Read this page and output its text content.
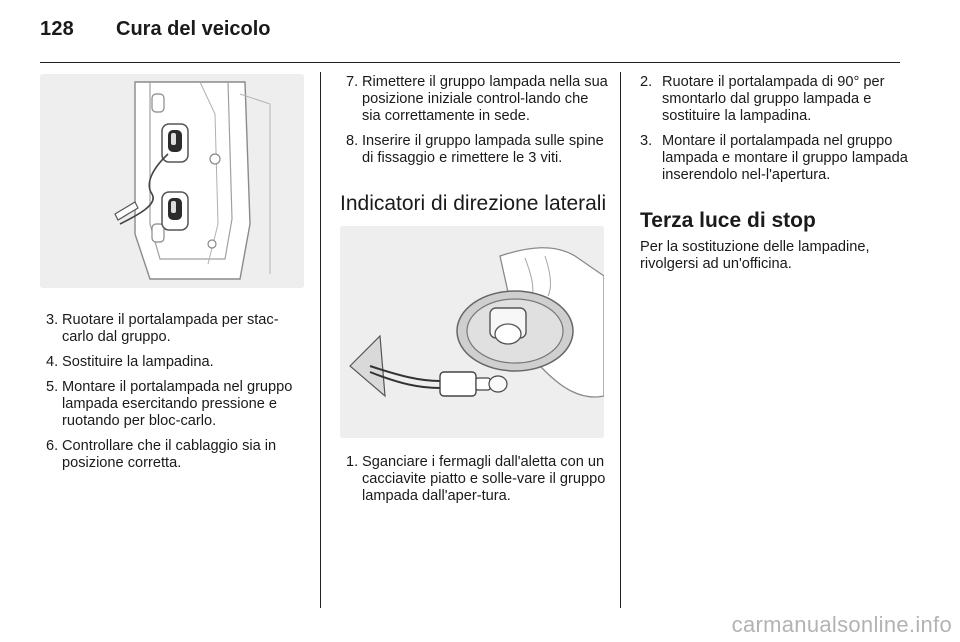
128 Cura del veicolo
3. Ruotare il portalampada per stac-carlo dal gruppo.
4. Sostituire la lampadina.
5. Montare il portalampada nel gruppo lampada esercitando pressione e ruotando per bloc-carlo.
6. Controllare che il cablaggio sia in posizione corretta.
7. Rimettere il gruppo lampada nella sua posizione iniziale control-lando che sia correttamente in sede.
8. Inserire il gruppo lampada sulle spine di fissaggio e rimettere le 3 viti.
Indicatori di direzione laterali
1. Sganciare i fermagli dall'aletta con un cacciavite piatto e solle-vare il gruppo lampada dall'aper-tura.
2. Ruotare il portalampada di 90° per smontarlo dal gruppo lampada e sostituire la lampadina.
3. Montare il portalampada nel gruppo lampada e montare il gruppo lampada inserendolo nel-l'apertura.
Terza luce di stop

Per la sostituzione delle lampadine, rivolgersi ad un'officina.

carmanualsonline.info
